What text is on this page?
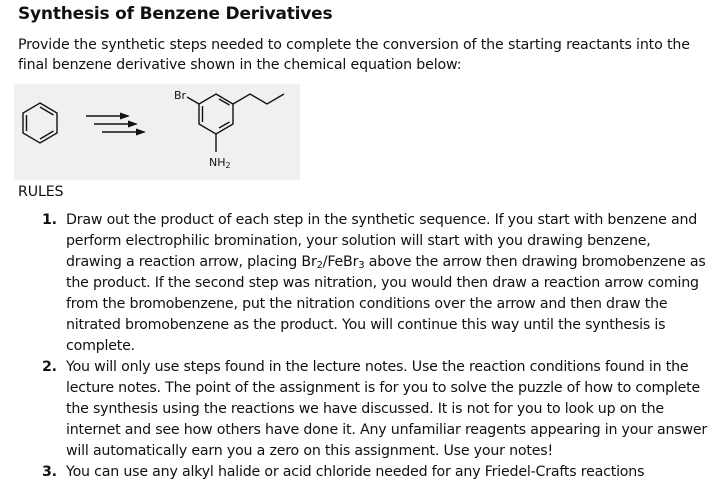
Synthesis of Benzene Derivatives
Provide the synthetic steps needed to complete the conversion of the starting reactants into the final benzene derivative shown in the chemical equation below:
Br
NH2
RULES
1. Draw out the product of each step in the synthetic sequence. If you start with benzene and perform electrophilic bromination, your solution will start with you drawing benzene, drawing a reaction arrow, placing $Br_2/FeBr_3$ above the arrow then drawing bromobenzene as the product. If the second step was nitration, you would then draw a reaction arrow coming from the bromobenzene, put the nitration conditions over the arrow and then draw the nitrated bromobenzene as the product. You will continue this way until the synthesis is complete.
2. You will only use steps found in the lecture notes. Use the reaction conditions found in the lecture notes. The point of the assignment is for you to solve the puzzle of how to complete the synthesis using the reactions we have discussed. It is not for you to look up on the internet and see how others have done it. Any unfamiliar reagents appearing in your answer will automatically earn you a zero on this assignment. Use your notes!
3. You can use any alkyl halide or acid chloride needed for any Friedel-Crafts reactions
